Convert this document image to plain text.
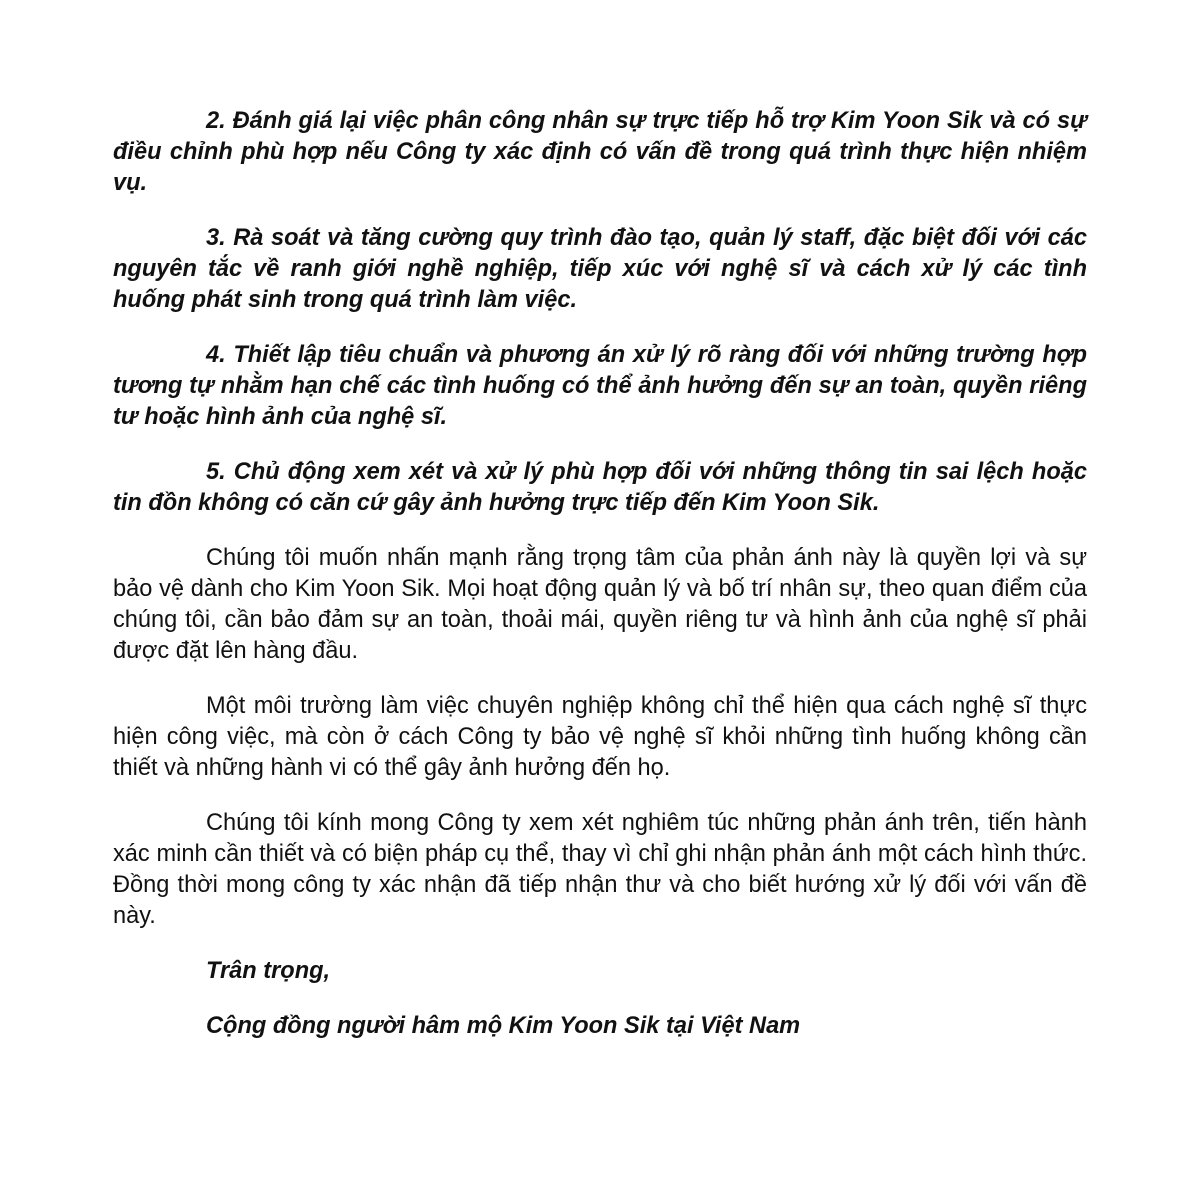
2. Đánh giá lại việc phân công nhân sự trực tiếp hỗ trợ Kim Yoon Sik và có sự điều chỉnh phù hợp nếu Công ty xác định có vấn đề trong quá trình thực hiện nhiệm vụ.

3. Rà soát và tăng cường quy trình đào tạo, quản lý staff, đặc biệt đối với các nguyên tắc về ranh giới nghề nghiệp, tiếp xúc với nghệ sĩ và cách xử lý các tình huống phát sinh trong quá trình làm việc.

4. Thiết lập tiêu chuẩn và phương án xử lý rõ ràng đối với những trường hợp tương tự nhằm hạn chế các tình huống có thể ảnh hưởng đến sự an toàn, quyền riêng tư hoặc hình ảnh của nghệ sĩ.

5. Chủ động xem xét và xử lý phù hợp đối với những thông tin sai lệch hoặc tin đồn không có căn cứ gây ảnh hưởng trực tiếp đến Kim Yoon Sik.

Chúng tôi muốn nhấn mạnh rằng trọng tâm của phản ánh này là quyền lợi và sự bảo vệ dành cho Kim Yoon Sik. Mọi hoạt động quản lý và bố trí nhân sự, theo quan điểm của chúng tôi, cần bảo đảm sự an toàn, thoải mái, quyền riêng tư và hình ảnh của nghệ sĩ phải được đặt lên hàng đầu.

Một môi trường làm việc chuyên nghiệp không chỉ thể hiện qua cách nghệ sĩ thực hiện công việc, mà còn ở cách Công ty bảo vệ nghệ sĩ khỏi những tình huống không cần thiết và những hành vi có thể gây ảnh hưởng đến họ.

Chúng tôi kính mong Công ty xem xét nghiêm túc những phản ánh trên, tiến hành xác minh cần thiết và có biện pháp cụ thể, thay vì chỉ ghi nhận phản ánh một cách hình thức. Đồng thời mong công ty xác nhận đã tiếp nhận thư và cho biết hướng xử lý đối với vấn đề này.

Trân trọng,

Cộng đồng người hâm mộ Kim Yoon Sik tại Việt Nam
